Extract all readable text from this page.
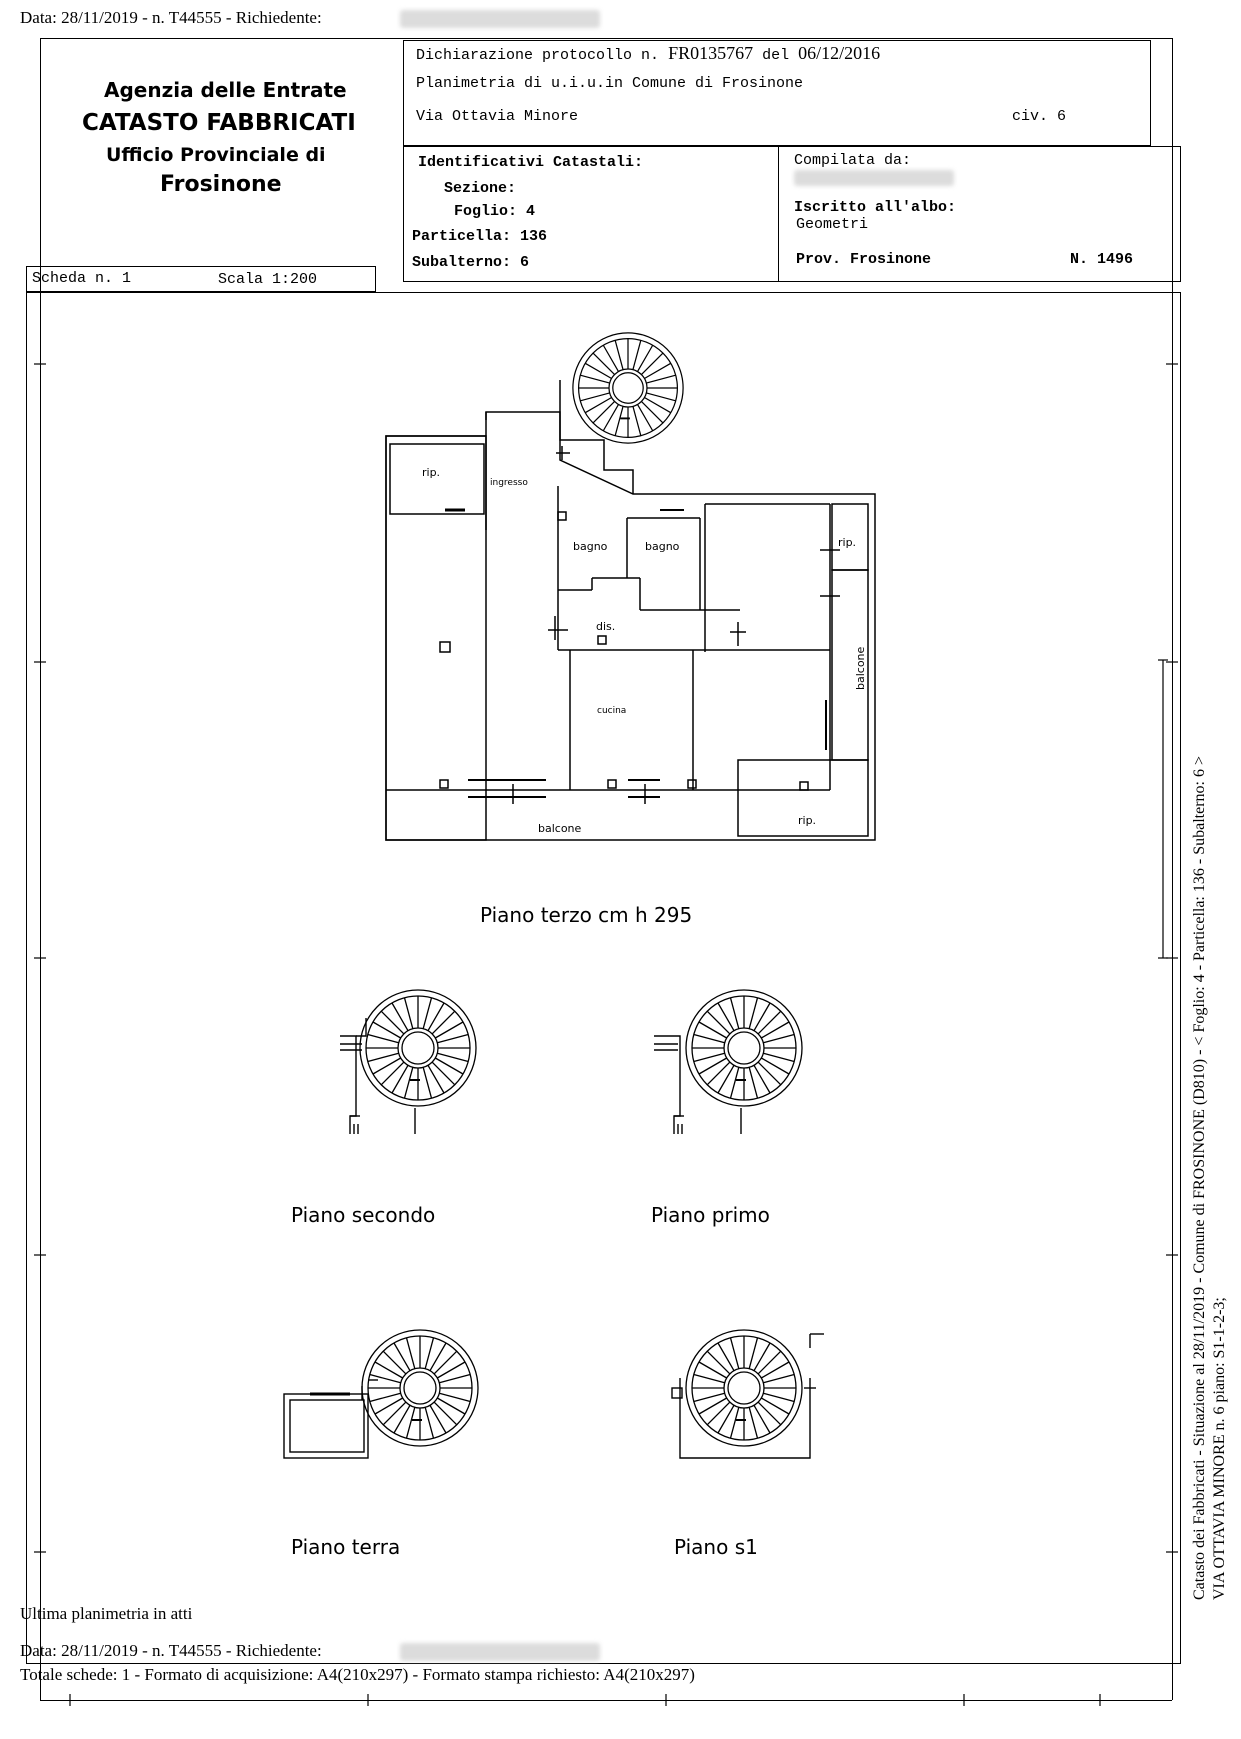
Data: 28/11/2019 - n. T44555 - Richiedente:
Agenzia delle Entrate
CATASTO FABBRICATI
Ufficio Provinciale di
Frosinone
Dichiarazione protocollo n. FR0135767 del 06/12/2016
Planimetria di u.i.u.in Comune di Frosinone
Via Ottavia Minore	civ. 6
Identificativi Catastali:
Sezione:
Foglio: 4
Particella: 136
Subalterno: 6
Compilata da:
Iscritto all'albo:
Geometri
Prov. Frosinone	N. 1496
Scheda n. 1	Scala 1:200
rip.
ingresso
bagno	bagno	rip.
dis.
cucina
balcone
balcone
rip.
Piano terzo cm h 295
Piano secondo	Piano primo
Piano terra	Piano s1	Catasto dei Fabbricati - Situazione al 28/11/2019 - Comune di FROSINONE (D810) - < Foglio: 4 - Particella: 136 - Subalterno: 6 > VIA OTTAVIA MINORE n. 6 piano: S1-1-2-3;
Ultima planimetria in atti
Data: 28/11/2019 - n. T44555 - Richiedente:
Totale schede: 1 - Formato di acquisizione: A4(210x297) - Formato stampa richiesto: A4(210x297)
